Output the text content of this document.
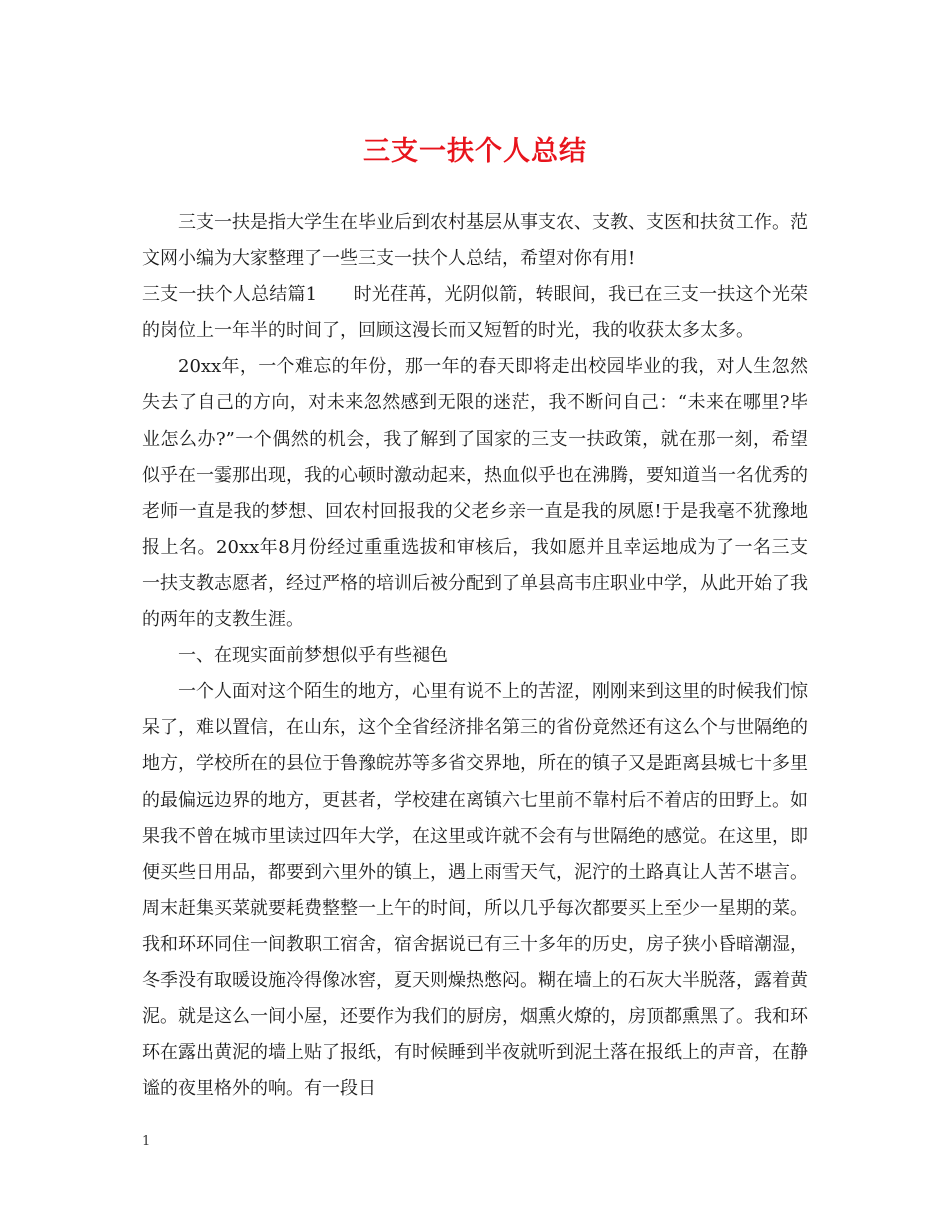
三支一扶个人总结

三支一扶是指大学生在毕业后到农村基层从事支农、支教、支医和扶贫工作。范文网小编为大家整理了一些三支一扶个人总结，希望对你有用!

三支一扶个人总结篇1　　时光荏苒，光阴似箭，转眼间，我已在三支一扶这个光荣的岗位上一年半的时间了，回顾这漫长而又短暂的时光，我的收获太多太多。

20xx年，一个难忘的年份，那一年的春天即将走出校园毕业的我，对人生忽然失去了自己的方向，对未来忽然感到无限的迷茫，我不断问自己：“未来在哪里?毕业怎么办?”一个偶然的机会，我了解到了国家的三支一扶政策，就在那一刻，希望似乎在一霎那出现，我的心顿时激动起来，热血似乎也在沸腾，要知道当一名优秀的老师一直是我的梦想、回农村回报我的父老乡亲一直是我的夙愿!于是我毫不犹豫地报上名。20xx年8月份经过重重选拔和审核后，我如愿并且幸运地成为了一名三支一扶支教志愿者，经过严格的培训后被分配到了单县高韦庄职业中学，从此开始了我的两年的支教生涯。

一、在现实面前梦想似乎有些褪色

一个人面对这个陌生的地方，心里有说不上的苦涩，刚刚来到这里的时候我们惊呆了，难以置信，在山东，这个全省经济排名第三的省份竟然还有这么个与世隔绝的地方，学校所在的县位于鲁豫皖苏等多省交界地，所在的镇子又是距离县城七十多里的最偏远边界的地方，更甚者，学校建在离镇六七里前不靠村后不着店的田野上。如果我不曾在城市里读过四年大学，在这里或许就不会有与世隔绝的感觉。在这里，即便买些日用品，都要到六里外的镇上，遇上雨雪天气，泥泞的土路真让人苦不堪言。周末赶集买菜就要耗费整整一上午的时间，所以几乎每次都要买上至少一星期的菜。我和环环同住一间教职工宿舍，宿舍据说已有三十多年的历史，房子狭小昏暗潮湿，冬季没有取暖设施冷得像冰窖，夏天则燥热憋闷。糊在墙上的石灰大半脱落，露着黄泥。就是这么一间小屋，还要作为我们的厨房，烟熏火燎的，房顶都熏黑了。我和环环在露出黄泥的墙上贴了报纸，有时候睡到半夜就听到泥土落在报纸上的声音，在静谧的夜里格外的响。有一段日

1
